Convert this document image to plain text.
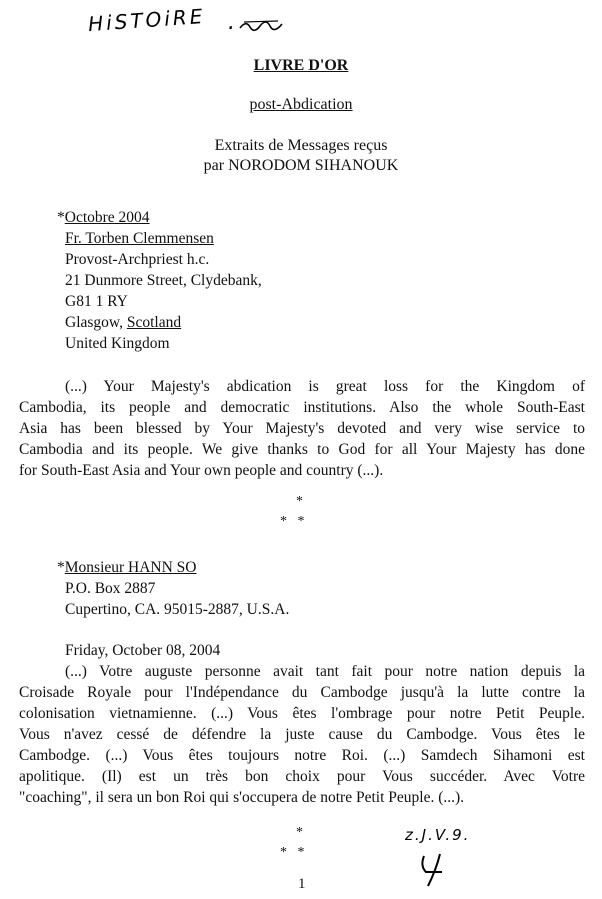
HiSTOiRE .
LIVRE D'OR
post-Abdication
Extraits de Messages reçus
par NORODOM SIHANOUK
*Octobre 2004
Fr. Torben Clemmensen
Provost-Archpriest h.c.
21 Dunmore Street, Clydebank,
G81 1 RY
Glasgow, Scotland
United Kingdom
(...) Your Majesty's abdication is great loss for the Kingdom of
Cambodia, its people and democratic institutions. Also the whole South-East
Asia has been blessed by Your Majesty's devoted and very wise service to
Cambodia and its people. We give thanks to God for all Your Majesty has done
for South-East Asia and Your own people and country (...).
*
*   *
*Monsieur HANN SO
P.O. Box 2887
Cupertino, CA. 95015-2887, U.S.A.
Friday, October 08, 2004
(...) Votre auguste personne avait tant fait pour notre nation depuis la
Croisade Royale pour l'Indépendance du Cambodge jusqu'à la lutte contre la
colonisation vietnamienne. (...) Vous êtes l'ombrage pour notre Petit Peuple.
Vous n'avez cessé de défendre la juste cause du Cambodge. Vous êtes le
Cambodge. (...) Vous êtes toujours notre Roi. (...) Samdech Sihamoni est
apolitique. (Il) est un très bon choix pour Vous succéder. Avec Votre
"coaching", il sera un bon Roi qui s'occupera de notre Petit Peuple. (...).
*
*   *
z.J.V.9.
1
